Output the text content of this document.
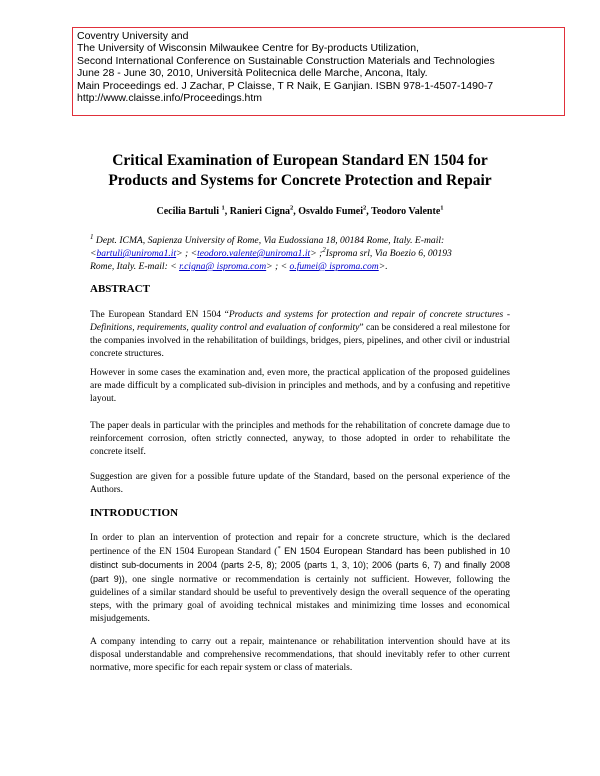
Coventry University and
The University of Wisconsin Milwaukee Centre for By-products Utilization,
Second International Conference on Sustainable Construction Materials and Technologies
June 28 - June 30, 2010, Università Politecnica delle Marche, Ancona, Italy.
Main Proceedings ed. J Zachar, P Claisse, T R Naik, E Ganjian. ISBN 978-1-4507-1490-7
http://www.claisse.info/Proceedings.htm
Critical Examination of European Standard EN 1504 for
Products and Systems for Concrete Protection and Repair
Cecilia Bartuli $^1$, Ranieri Cigna$^2$, Osvaldo Fumei$^2$, Teodoro Valente$^1$
$^1$ Dept. ICMA, Sapienza University of Rome, Via Eudossiana 18, 00184 Rome, Italy. E-mail:
<bartuli@uniroma1.it> ; <teodoro.valente@uniroma1.it> ;$^2$Isproma srl, Via Boezio 6, 00193
Rome, Italy. E-mail: < r.cigna@ isproma.com> ; < o.fumei@ isproma.com>.
ABSTRACT
The European Standard EN 1504 “Products and systems for protection and repair of concrete structures - Definitions, requirements, quality control and evaluation of conformity” can be considered a real milestone for the companies involved in the rehabilitation of buildings, bridges, piers, pipelines, and other civil or industrial concrete structures.
However in some cases the examination and, even more, the practical application of the proposed guidelines are made difficult by a complicated sub-division in principles and methods, and by a confusing and repetitive layout.
The paper deals in particular with the principles and methods for the rehabilitation of concrete damage due to reinforcement corrosion, often strictly connected, anyway, to those adopted in order to rehabilitate the concrete itself.
Suggestion are given for a possible future update of the Standard, based on the personal experience of the Authors.
INTRODUCTION
In order to plan an intervention of protection and repair for a concrete structure, which is the declared pertinence of the EN 1504 European Standard (* EN 1504 European Standard has been published in 10 distinct sub-documents in 2004 (parts 2-5, 8); 2005 (parts 1, 3, 10); 2006 (parts 6, 7) and finally 2008 (part 9)), one single normative or recommendation is certainly not sufficient. However, following the guidelines of a similar standard should be useful to preventively design the overall sequence of the operating steps, with the primary goal of avoiding technical mistakes and minimizing time losses and economical misjudgements.
A company intending to carry out a repair, maintenance or rehabilitation intervention should have at its disposal understandable and comprehensive recommendations, that should inevitably refer to other current normative, more specific for each repair system or class of materials.
